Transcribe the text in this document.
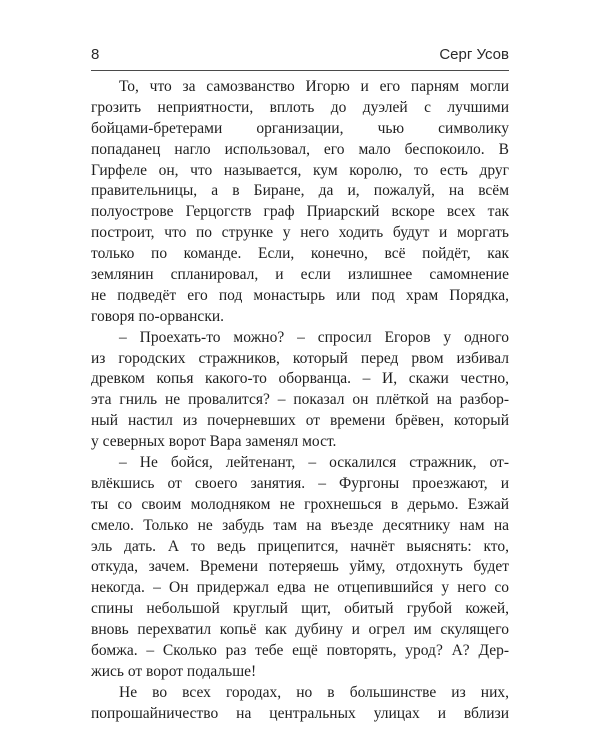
8	Серг Усов
То, что за самозванство Игорю и его парням могли
грозить неприятности, вплоть до дуэлей с лучшими
бойцами-бретерами организации, чью символику
попаданец нагло использовал, его мало беспокоило. В
Гирфеле он, что называется, кум королю, то есть друг
правительницы, а в Биране, да и, пожалуй, на всём
полуострове Герцогств граф Приарский вскоре всех так
построит, что по струнке у него ходить будут и моргать
только по команде. Если, конечно, всё пойдёт, как
землянин спланировал, и если излишнее самомнение
не подведёт его под монастырь или под храм Порядка,
говоря по-орвански.
– Проехать-то можно? – спросил Егоров у одного
из городских стражников, который перед рвом избивал
древком копья какого-то оборванца. – И, скажи честно,
эта гниль не провалится? – показал он плёткой на разбор-
ный настил из почерневших от времени брёвен, который
у северных ворот Вара заменял мост.
– Не бойся, лейтенант, – оскалился стражник, от-
влёкшись от своего занятия. – Фургоны проезжают, и
ты со своим молодняком не грохнешься в дерьмо. Езжай
смело. Только не забудь там на въезде десятнику нам на
эль дать. А то ведь прицепится, начнёт выяснять: кто,
откуда, зачем. Времени потеряешь уйму, отдохнуть будет
некогда. – Он придержал едва не отцепившийся у него со
спины небольшой круглый щит, обитый грубой кожей,
вновь перехватил копьё как дубину и огрел им скулящего
бомжа. – Сколько раз тебе ещё повторять, урод? А? Дер-
жись от ворот подальше!
Не во всех городах, но в большинстве из них,
попрошайничество на центральных улицах и вблизи
